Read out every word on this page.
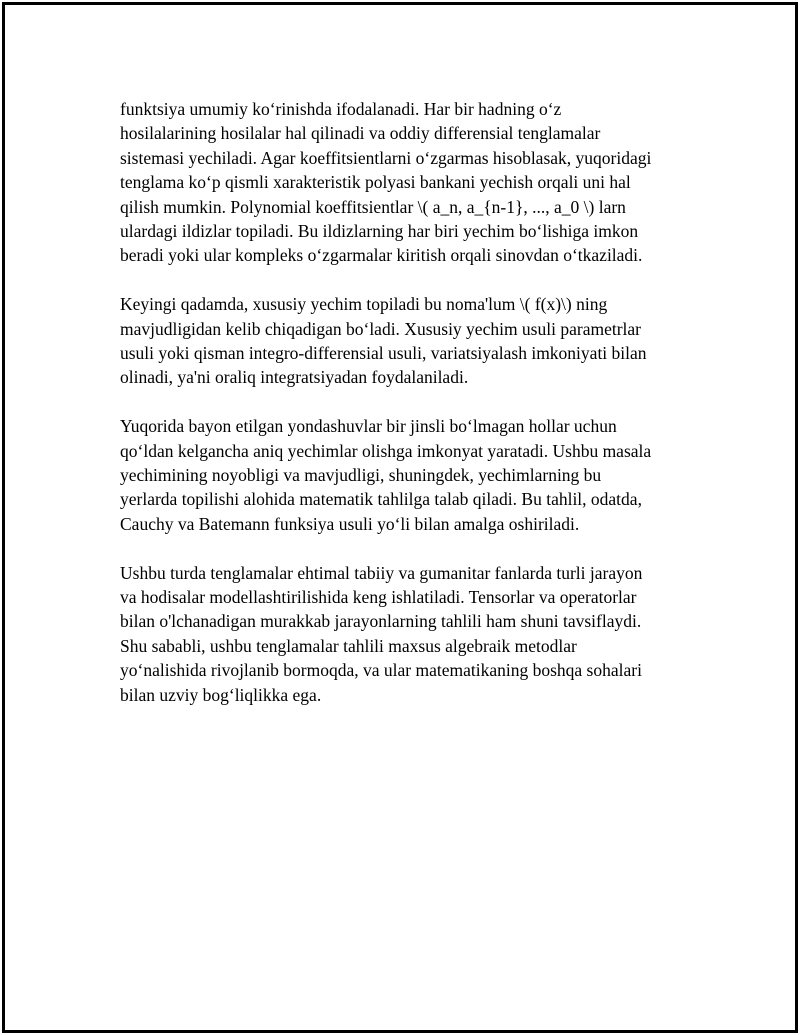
funktsiya umumiy ko‘rinishda ifodalanadi. Har bir hadning o‘z
hosilalarining hosilalar hal qilinadi va oddiy differensial tenglamalar
sistemasi yechiladi. Agar koeffitsientlarni o‘zgarmas hisoblasak, yuqoridagi
tenglama ko‘p qismli xarakteristik polyasi bankani yechish orqali uni hal
qilish mumkin. Polynomial koeffitsientlar \( a_n, a_{n-1}, ..., a_0 \) larn
ulardagi ildizlar topiladi. Bu ildizlarning har biri yechim bo‘lishiga imkon
beradi yoki ular kompleks o‘zgarmalar kiritish orqali sinovdan o‘tkaziladi.

Keyingi qadamda, xususiy yechim topiladi bu noma'lum \( f(x)\) ning
mavjudligidan kelib chiqadigan bo‘ladi. Xususiy yechim usuli parametrlar
usuli yoki qisman integro-differensial usuli, variatsiyalash imkoniyati bilan
olinadi, ya'ni oraliq integratsiyadan foydalaniladi.

Yuqorida bayon etilgan yondashuvlar bir jinsli bo‘lmagan hollar uchun
qo‘ldan kelgancha aniq yechimlar olishga imkonyat yaratadi. Ushbu masala
yechimining noyobligi va mavjudligi, shuningdek, yechimlarning bu
yerlarda topilishi alohida matematik tahlilga talab qiladi. Bu tahlil, odatda,
Cauchy va Batemann funksiya usuli yo‘li bilan amalga oshiriladi.

Ushbu turda tenglamalar ehtimal tabiiy va gumanitar fanlarda turli jarayon
va hodisalar modellashtirilishida keng ishlatiladi. Tensorlar va operatorlar
bilan o'lchanadigan murakkab jarayonlarning tahlili ham shuni tavsiflaydi.
Shu sababli, ushbu tenglamalar tahlili maxsus algebraik metodlar
yo‘nalishida rivojlanib bormoqda, va ular matematikaning boshqa sohalari
bilan uzviy bog‘liqlikka ega.
